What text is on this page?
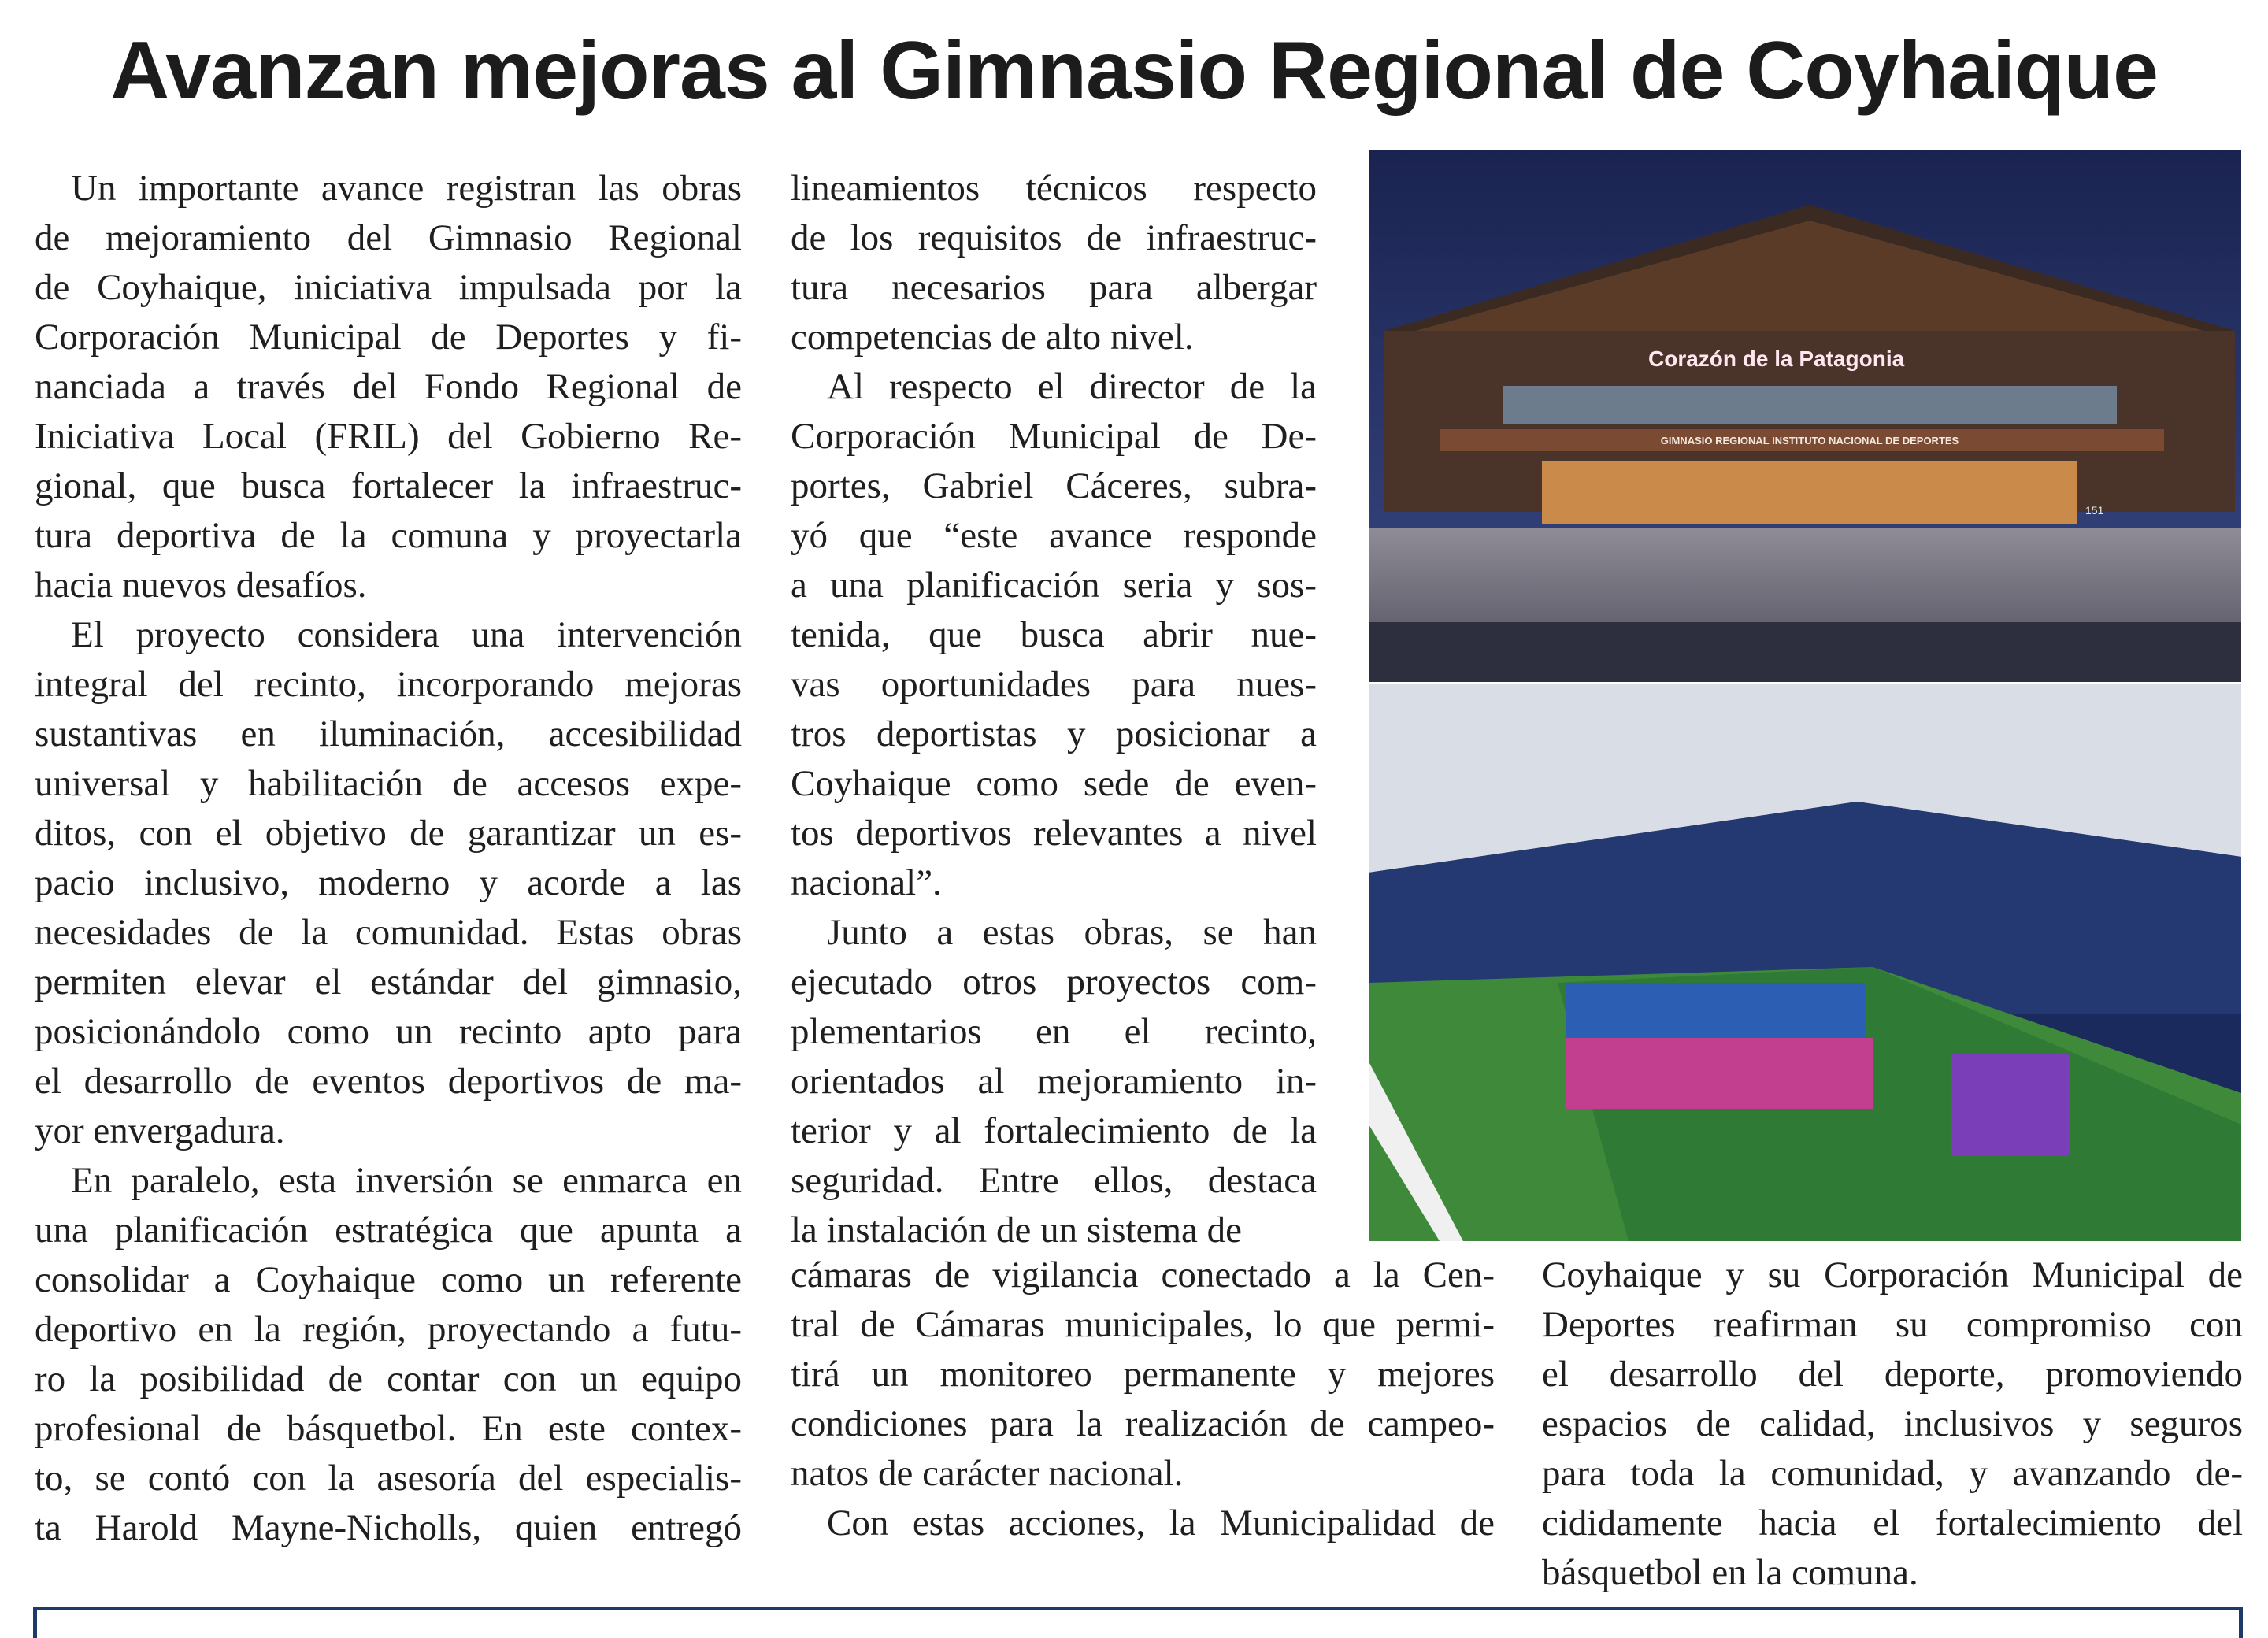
Avanzan mejoras al Gimnasio Regional de Coyhaique

Un importante avance registran las obras
de mejoramiento del Gimnasio Regional
de Coyhaique, iniciativa impulsada por la
Corporación Municipal de Deportes y fi-
nanciada a través del Fondo Regional de
Iniciativa Local (FRIL) del Gobierno Re-
gional, que busca fortalecer la infraestruc-
tura deportiva de la comuna y proyectarla
hacia nuevos desafíos.

El proyecto considera una intervención
integral del recinto, incorporando mejoras
sustantivas en iluminación, accesibilidad
universal y habilitación de accesos expe-
ditos, con el objetivo de garantizar un es-
pacio inclusivo, moderno y acorde a las
necesidades de la comunidad. Estas obras
permiten elevar el estándar del gimnasio,
posicionándolo como un recinto apto para
el desarrollo de eventos deportivos de ma-
yor envergadura.

En paralelo, esta inversión se enmarca en
una planificación estratégica que apunta a
consolidar a Coyhaique como un referente
deportivo en la región, proyectando a futu-
ro la posibilidad de contar con un equipo
profesional de básquetbol. En este contex-
to, se contó con la asesoría del especialis-
ta Harold Mayne-Nicholls, quien entregó

lineamientos técnicos respecto
de los requisitos de infraestruc-
tura necesarios para albergar
competencias de alto nivel.

Al respecto el director de la
Corporación Municipal de De-
portes, Gabriel Cáceres, subra-
yó que “este avance responde
a una planificación seria y sos-
tenida, que busca abrir nue-
vas oportunidades para nues-
tros deportistas y posicionar a
Coyhaique como sede de even-
tos deportivos relevantes a nivel
nacional”.

Junto a estas obras, se han
ejecutado otros proyectos com-
plementarios en el recinto,
orientados al mejoramiento in-
terior y al fortalecimiento de la
seguridad. Entre ellos, destaca
la instalación de un sistema de

cámaras de vigilancia conectado a la Cen-
tral de Cámaras municipales, lo que permi-
tirá un monitoreo permanente y mejores
condiciones para la realización de campeo-
natos de carácter nacional.

Con estas acciones, la Municipalidad de

Coyhaique y su Corporación Municipal de
Deportes reafirman su compromiso con
el desarrollo del deporte, promoviendo
espacios de calidad, inclusivos y seguros
para toda la comunidad, y avanzando de-
cididamente hacia el fortalecimiento del
básquetbol en la comuna.

Corazón de la Patagonia
GIMNASIO REGIONAL INSTITUTO NACIONAL DE DEPORTES
151
